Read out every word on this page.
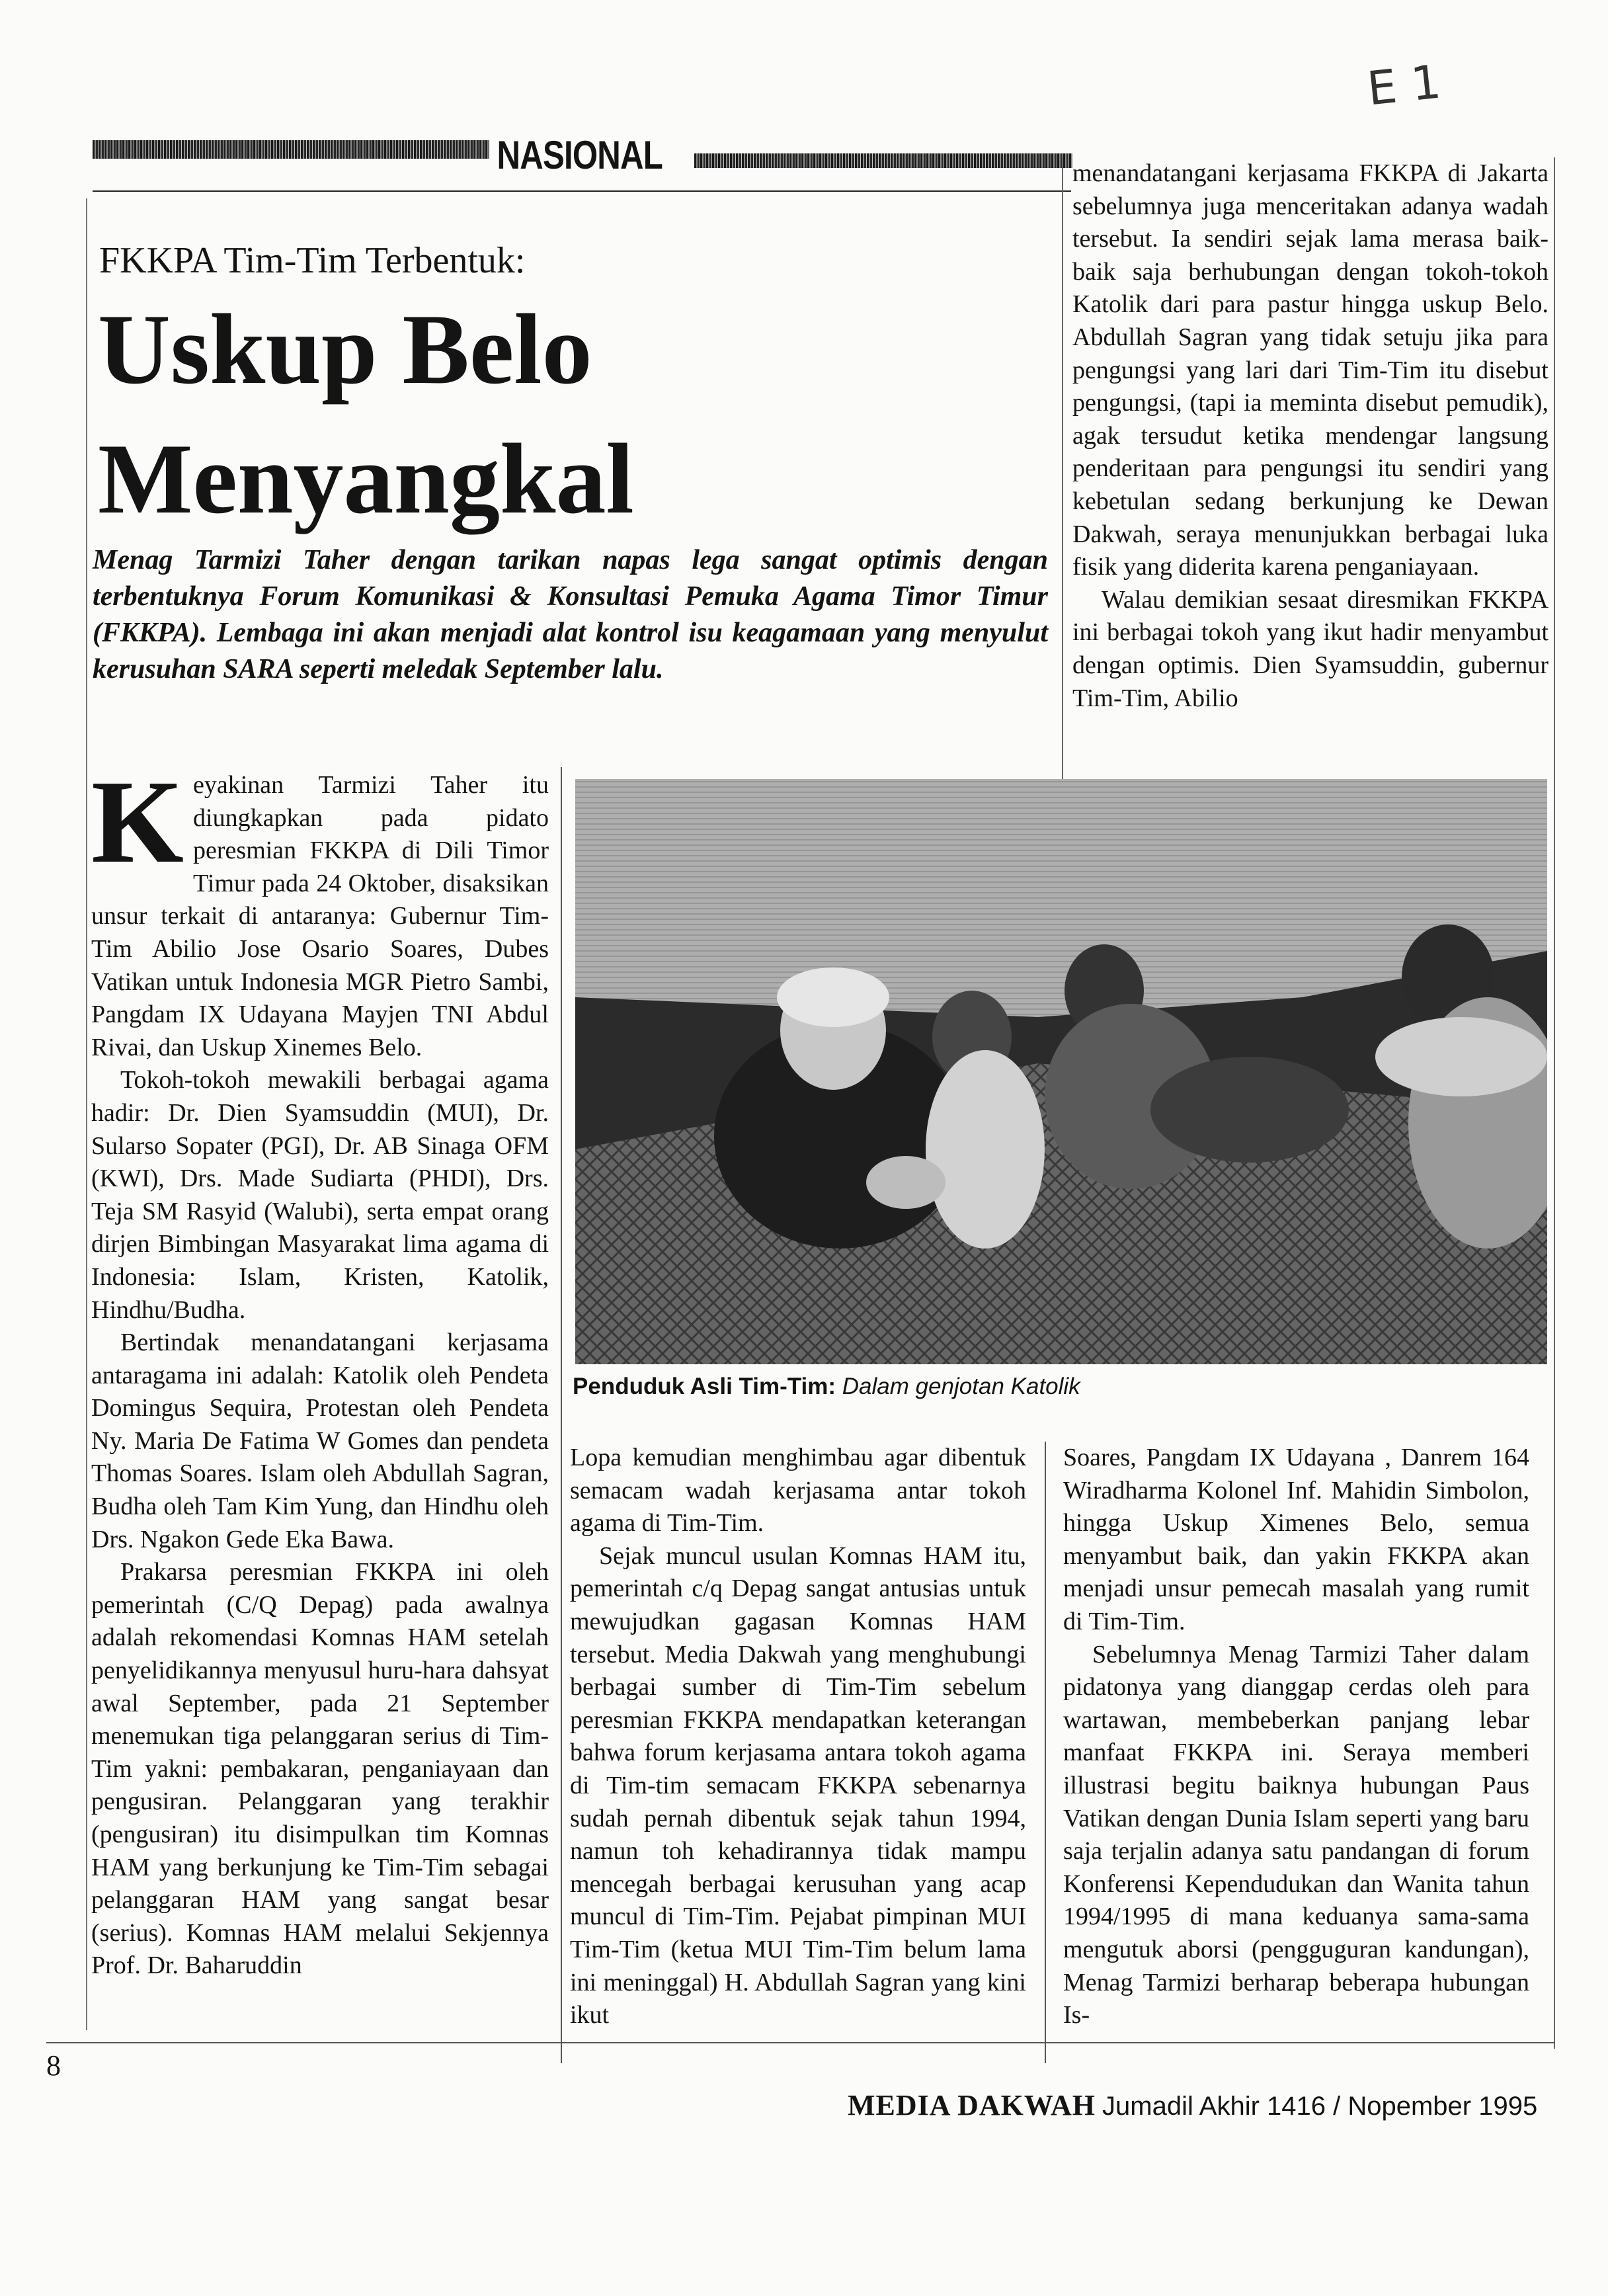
E 1
NASIONAL
FKKPA Tim-Tim Terbentuk:
Uskup Belo Menyangkal
Menag Tarmizi Taher dengan tarikan napas lega sangat optimis dengan terbentuknya Forum Komunikasi & Konsultasi Pemuka Agama Timor Timur (FKKPA). Lembaga ini akan menjadi alat kontrol isu keagamaan yang menyulut kerusuhan SARA seperti meledak September lalu.

menandatangani kerjasama FKKPA di Jakarta sebelumnya juga menceritakan adanya wadah tersebut. Ia sendiri sejak lama merasa baik-baik saja berhubungan dengan tokoh-tokoh Katolik dari para pastur hingga uskup Belo. Abdullah Sagran yang tidak setuju jika para pengungsi yang lari dari Tim-Tim itu disebut pengungsi, (tapi ia meminta disebut pemudik), agak tersudut ketika mendengar langsung penderitaan para pengungsi itu sendiri yang kebetulan sedang berkunjung ke Dewan Dakwah, seraya menunjukkan berbagai luka fisik yang diderita karena penganiayaan.

Walau demikian sesaat diresmikan FKKPA ini berbagai tokoh yang ikut hadir menyambut dengan optimis. Dien Syamsuddin, gubernur Tim-Tim, Abilio

Keyakinan Tarmizi Taher itu diungkapkan pada pidato peresmian FKKPA di Dili Timor Timur pada 24 Oktober, disaksikan unsur terkait di antaranya: Gubernur Tim-Tim Abilio Jose Osario Soares, Dubes Vatikan untuk Indonesia MGR Pietro Sambi, Pangdam IX Udayana Mayjen TNI Abdul Rivai, dan Uskup Xinemes Belo.

Tokoh-tokoh mewakili berbagai agama hadir: Dr. Dien Syamsuddin (MUI), Dr. Sularso Sopater (PGI), Dr. AB Sinaga OFM (KWI), Drs. Made Sudiarta (PHDI), Drs. Teja SM Rasyid (Walubi), serta empat orang dirjen Bimbingan Masyarakat lima agama di Indonesia: Islam, Kristen, Katolik, Hindhu/Budha.

Bertindak menandatangani kerjasama antaragama ini adalah: Katolik oleh Pendeta Domingus Sequira, Protestan oleh Pendeta Ny. Maria De Fatima W Gomes dan pendeta Thomas Soares. Islam oleh Abdullah Sagran, Budha oleh Tam Kim Yung, dan Hindhu oleh Drs. Ngakon Gede Eka Bawa.

Prakarsa peresmian FKKPA ini oleh pemerintah (C/Q Depag) pada awalnya adalah rekomendasi Komnas HAM setelah penyelidikannya menyusul huru-hara dahsyat awal September, pada 21 September menemukan tiga pelanggaran serius di Tim-Tim yakni: pembakaran, penganiayaan dan pengusiran. Pelanggaran yang terakhir (pengusiran) itu disimpulkan tim Komnas HAM yang berkunjung ke Tim-Tim sebagai pelanggaran HAM yang sangat besar (serius). Komnas HAM melalui Sekjennya Prof. Dr. Baharuddin

Penduduk Asli Tim-Tim: Dalam genjotan Katolik

Lopa kemudian menghimbau agar dibentuk semacam wadah kerjasama antar tokoh agama di Tim-Tim.

Sejak muncul usulan Komnas HAM itu, pemerintah c/q Depag sangat antusias untuk mewujudkan gagasan Komnas HAM tersebut. Media Dakwah yang menghubungi berbagai sumber di Tim-Tim sebelum peresmian FKKPA mendapatkan keterangan bahwa forum kerjasama antara tokoh agama di Tim-tim semacam FKKPA sebenarnya sudah pernah dibentuk sejak tahun 1994, namun toh kehadirannya tidak mampu mencegah berbagai kerusuhan yang acap muncul di Tim-Tim. Pejabat pimpinan MUI Tim-Tim (ketua MUI Tim-Tim belum lama ini meninggal) H. Abdullah Sagran yang kini ikut

Soares, Pangdam IX Udayana , Danrem 164 Wiradharma Kolonel Inf. Mahidin Simbolon, hingga Uskup Ximenes Belo, semua menyambut baik, dan yakin FKKPA akan menjadi unsur pemecah masalah yang rumit di Tim-Tim.

Sebelumnya Menag Tarmizi Taher dalam pidatonya yang dianggap cerdas oleh para wartawan, membeberkan panjang lebar manfaat FKKPA ini. Seraya memberi illustrasi begitu baiknya hubungan Paus Vatikan dengan Dunia Islam seperti yang baru saja terjalin adanya satu pandangan di forum Konferensi Kependudukan dan Wanita tahun 1994/1995 di mana keduanya sama-sama mengutuk aborsi (pengguguran kandungan), Menag Tarmizi berharap beberapa hubungan Is-

8
MEDIA DAKWAH Jumadil Akhir 1416 / Nopember 1995
